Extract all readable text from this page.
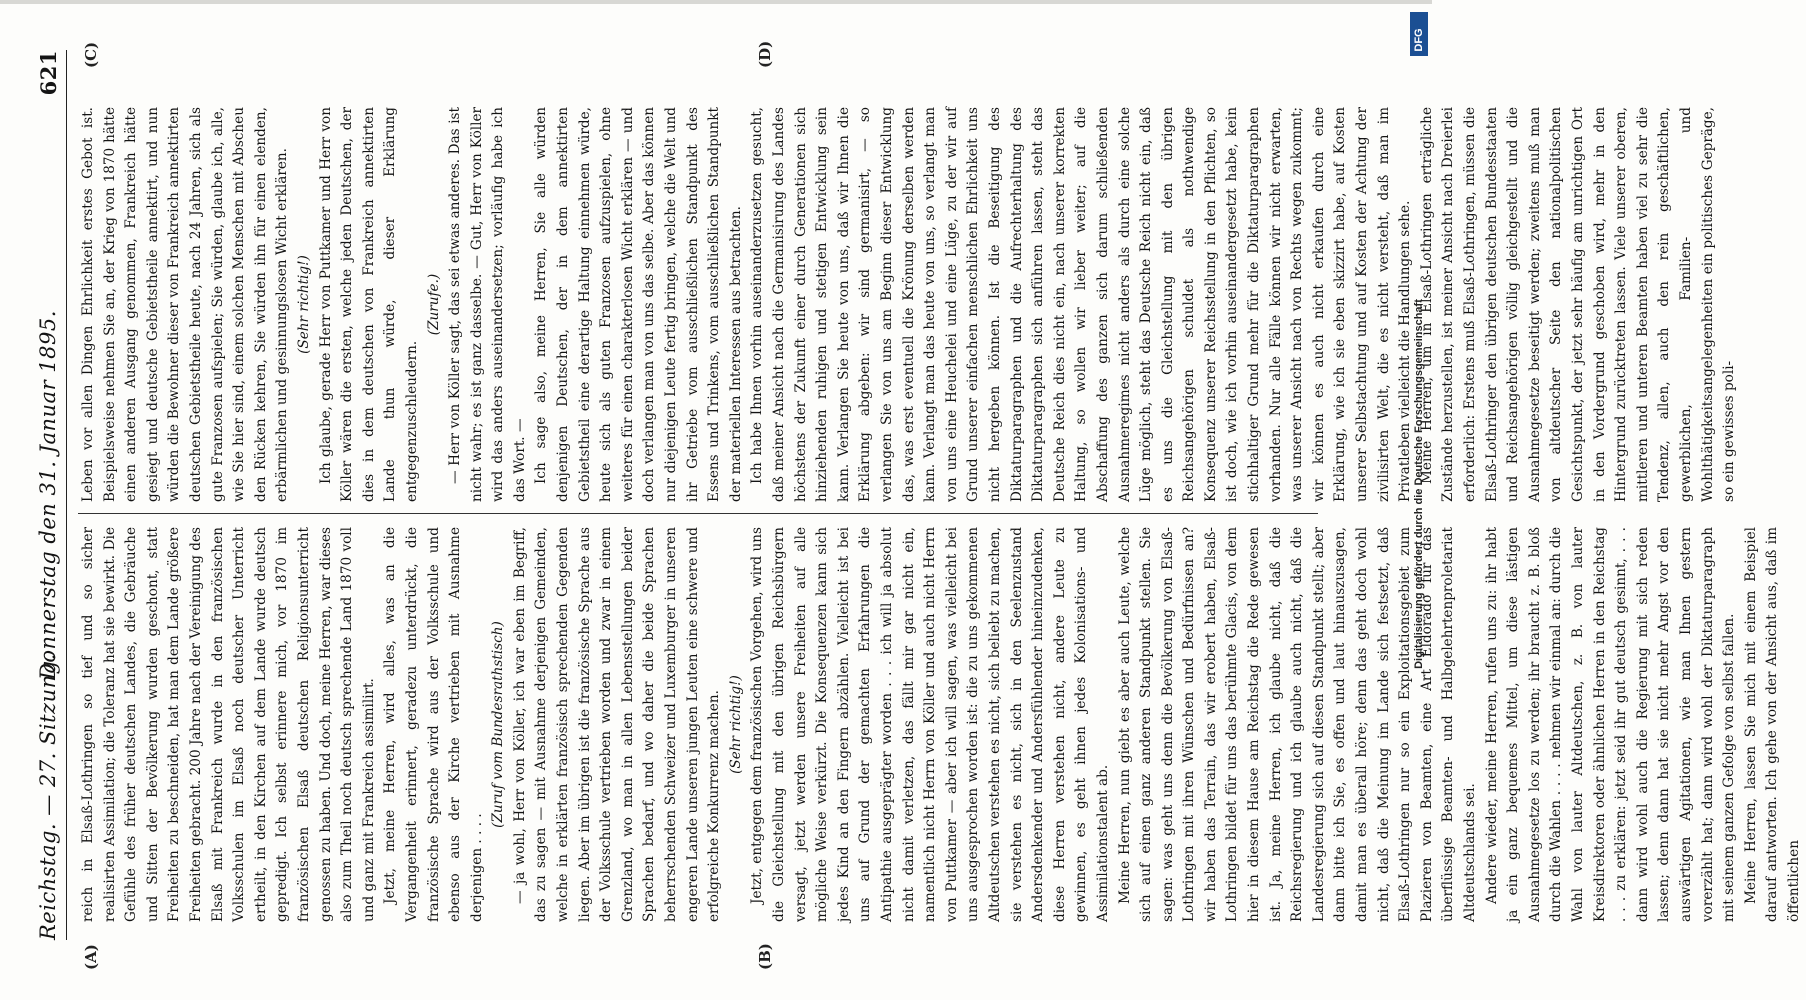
Reichstag. — 27. Sitzung.
Donnerstag den 31. Januar 1895.
621
(A)	(B)
(C)	(D)

reich in Elsaß-Lothringen so tief und so sicher realisirten Assimilation; die Toleranz hat sie bewirkt. Die Gefühle des früher deutschen Landes, die Gebräuche und Sitten der Bevölkerung wurden geschont, statt Freiheiten zu beschneiden, hat man dem Lande größere Freiheiten gebracht. 200 Jahre nach der Vereinigung des Elsaß mit Frankreich wurde in den französischen Volksschulen im Elsaß noch deutscher Unterricht ertheilt, in den Kirchen auf dem Lande wurde deutsch gepredigt. Ich selbst erinnere mich, vor 1870 im französischen Elsaß deutschen Religionsunterricht genossen zu haben. Und doch, meine Herren, war dieses also zum Theil noch deutsch sprechende Land 1870 voll und ganz mit Frankreich assimilirt. Jetzt, meine Herren, wird alles, was an die Vergangenheit erinnert, geradezu unterdrückt, die französische Sprache wird aus der Volksschule und ebenso aus der Kirche vertrieben mit Ausnahme derjenigen . . . .

(Zuruf vom Bundesrathstisch) — ja wohl, Herr von Köller, ich war eben im Begriff, das zu sagen — mit Ausnahme derjenigen Gemeinden, welche in erklärten französisch sprechenden Gegenden liegen. Aber im übrigen ist die französische Sprache aus der Volksschule vertrieben worden und zwar in einem Grenzland, wo man in allen Lebensstellungen beider Sprachen bedarf, und wo daher die beide Sprachen beherrschenden Schweizer und Luxemburger in unseren engeren Lande unseren jungen Leuten eine schwere und erfolgreiche Konkurrenz machen. (Sehr richtig!) Jetzt, entgegen dem französischen Vorgehen, wird uns die Gleichstellung mit den übrigen Reichsbürgern versagt, jetzt werden unsere Freiheiten auf alle mögliche Weise verkürzt. Die Konsequenzen kann sich jedes Kind an den Fingern abzählen. Vielleicht ist bei uns auf Grund der gemachten Erfahrungen die Antipathie ausgeprägter worden . . . ich will ja absolut nicht damit verletzen, das fällt mir gar nicht ein, namentlich nicht Herrn von Köller und auch nicht Herrn von Puttkamer — aber ich will sagen, was vielleicht bei uns ausgesprochen worden ist: die zu uns gekommenen Altdeutschen verstehen es nicht, sich beliebt zu machen, sie verstehen es nicht, sich in den Seelenzustand Andersdenkender und Andersfühlender hineinzudenken, diese Herren verstehen nicht, andere Leute zu gewinnen, es geht ihnen jedes Kolonisations- und Assimilationstalent ab. Meine Herren, nun giebt es aber auch Leute, welche sich auf einen ganz anderen Standpunkt stellen. Sie sagen: was geht uns denn die Bevölkerung von Elsaß-Lothringen mit ihren Wünschen und Bedürfnissen an? wir haben das Terrain, das wir erobert haben, Elsaß-Lothringen bildet für uns das berühmte Glacis, von dem hier in diesem Hause am Reichstag die Rede gewesen ist. Ja, meine Herren, ich glaube nicht, daß die Reichsregierung und ich glaube auch nicht, daß die Landesregierung sich auf diesen Standpunkt stellt; aber dann bitte ich Sie, es offen und laut hinauszusagen, damit man es überall höre; denn das geht doch wohl nicht, daß die Meinung im Lande sich festsetzt, daß Elsaß-Lothringen nur so ein Exploitationsgebiet zum Plazieren von Beamten, eine Art Eldorado für das überflüssige Beamten- und Halbgelehrtenproletariat Altdeutschlands sei. Andere wieder, meine Herren, rufen uns zu: ihr habt ja ein ganz bequemes Mittel, um diese lästigen Ausnahmegesetze los zu werden; ihr braucht z. B. bloß durch die Wahlen . . . . nehmen wir einmal an: durch die Wahl von lauter Altdeutschen, z. B. von lauter Kreisdirektoren oder ähnlichen Herren in den Reichstag . . . zu erklären: jetzt seid ihr gut deutsch gesinnt, . . . dann wird wohl auch die Regierung mit sich reden lassen; denn dann hat sie nicht mehr Angst vor den auswärtigen Agitationen, wie man Ihnen gestern vorerzählt hat; dann wird wohl der Diktaturparagraph mit seinem ganzen Gefolge von selbst fallen. Meine Herren, lassen Sie mich mit einem Beispiel darauf antworten. Ich gehe von der Ansicht aus, daß im öffentlichen

Leben vor allen Dingen Ehrlichkeit erstes Gebot ist. Beispielsweise nehmen Sie an, der Krieg von 1870 hätte einen anderen Ausgang genommen, Frankreich hätte gesiegt und deutsche Gebietstheile annektirt, und nun würden die Bewohner dieser von Frankreich annektirten deutschen Gebietstheile heute, nach 24 Jahren, sich als gute Franzosen aufspielen; Sie würden, glaube ich, alle, wie Sie hier sind, einem solchen Menschen mit Abscheu den Rücken kehren, Sie würden ihn für einen elenden, erbärmlichen und gesinnungslosen Wicht erklären. (Sehr richtig!) Ich glaube, gerade Herr von Puttkamer und Herr von Köller wären die ersten, welche jeden Deutschen, der dies in dem deutschen von Frankreich annektirten Lande thun würde, dieser Erklärung entgegenzuschleudern.

(Zurufe.) — Herr von Köller sagt, das sei etwas anderes. Das ist nicht wahr; es ist ganz dasselbe. — Gut, Herr von Köller wird das anders auseinandersetzen; vorläufig habe ich das Wort. — Ich sage also, meine Herren, Sie alle würden denjenigen Deutschen, der in dem annektirten Gebietstheil eine derartige Haltung einnehmen würde, heute sich als guten Franzosen aufzuspielen, ohne weiteres für einen charakterlosen Wicht erklären — und doch verlangen man von uns das selbe. Aber das können nur diejenigen Leute fertig bringen, welche die Welt und ihr Getriebe vom ausschließlichen Standpunkt des Essens und Trinkens, vom ausschließlichen Standpunkt der materiellen Interessen aus betrachten. Ich habe Ihnen vorhin auseinanderzusetzen gesucht, daß meiner Ansicht nach die Germanisirung des Landes höchstens der Zukunft einer durch Generationen sich hinziehenden ruhigen und stetigen Entwicklung sein kann. Verlangen Sie heute von uns, daß wir Ihnen die Erklärung abgeben: wir sind germanisirt, — so verlangen Sie von uns am Beginn dieser Entwicklung das, was erst eventuell die Krönung derselben werden kann. Verlangt man das heute von uns, so verlangt man von uns eine Heuchelei und eine Lüge, zu der wir auf Grund unserer einfachen menschlichen Ehrlichkeit uns nicht hergeben können. Ist die Beseitigung des Diktaturparagraphen und die Aufrechterhaltung des Diktaturparagraphen sich anführen lassen, steht das Deutsche Reich dies nicht ein, nach unserer korrekten Haltung, so wollen wir lieber weiter; auf die Abschaffung des ganzen sich darum schließenden Ausnahmeregimes nicht anders als durch eine solche Lüge möglich, steht das Deutsche Reich nicht ein, daß es uns die Gleichstellung mit den übrigen Reichsangehörigen schuldet als nothwendige Konsequenz unserer Reichsstellung in den Pflichten, so ist doch, wie ich vorhin auseinandergesetzt habe, kein stichhaltiger Grund mehr für die Diktaturparagraphen vorhanden. Nur alle Fälle können wir nicht erwarten, was unserer Ansicht nach von Rechts wegen zukommt; wir können es auch nicht erkaufen durch eine Erklärung, wie ich sie eben skizzirt habe, auf Kosten unserer Selbstachtung und auf Kosten der Achtung der zivilisirten Welt, die es nicht versteht, daß man im Privatleben vielleicht die Handlungen sehe. Meine Herren, um in Elsaß-Lothringen erträgliche Zustände herzustellen, ist meiner Ansicht nach Dreierlei erforderlich: Erstens muß Elsaß-Lothringen, müssen die Elsaß-Lothringer den übrigen deutschen Bundesstaaten und Reichsangehörigen völlig gleichgestellt und die Ausnahmegesetze beseitigt werden; zweitens muß man von altdeutscher Seite den nationalpolitischen Gesichtspunkt, der jetzt sehr häufig am unrichtigen Ort in den Vordergrund geschoben wird, mehr in den Hintergrund zurücktreten lassen. Viele unserer oberen, mittleren und unteren Beamten haben viel zu sehr die Tendenz, allen, auch den rein geschäftlichen, gewerblichen, Familien- und Wohlthätigkeitsangelegenheiten ein politisches Gepräge, so ein gewisses poli-

DFG
Digitalisierung gefördert durch die Deutsche Forschungsgemeinschaft
